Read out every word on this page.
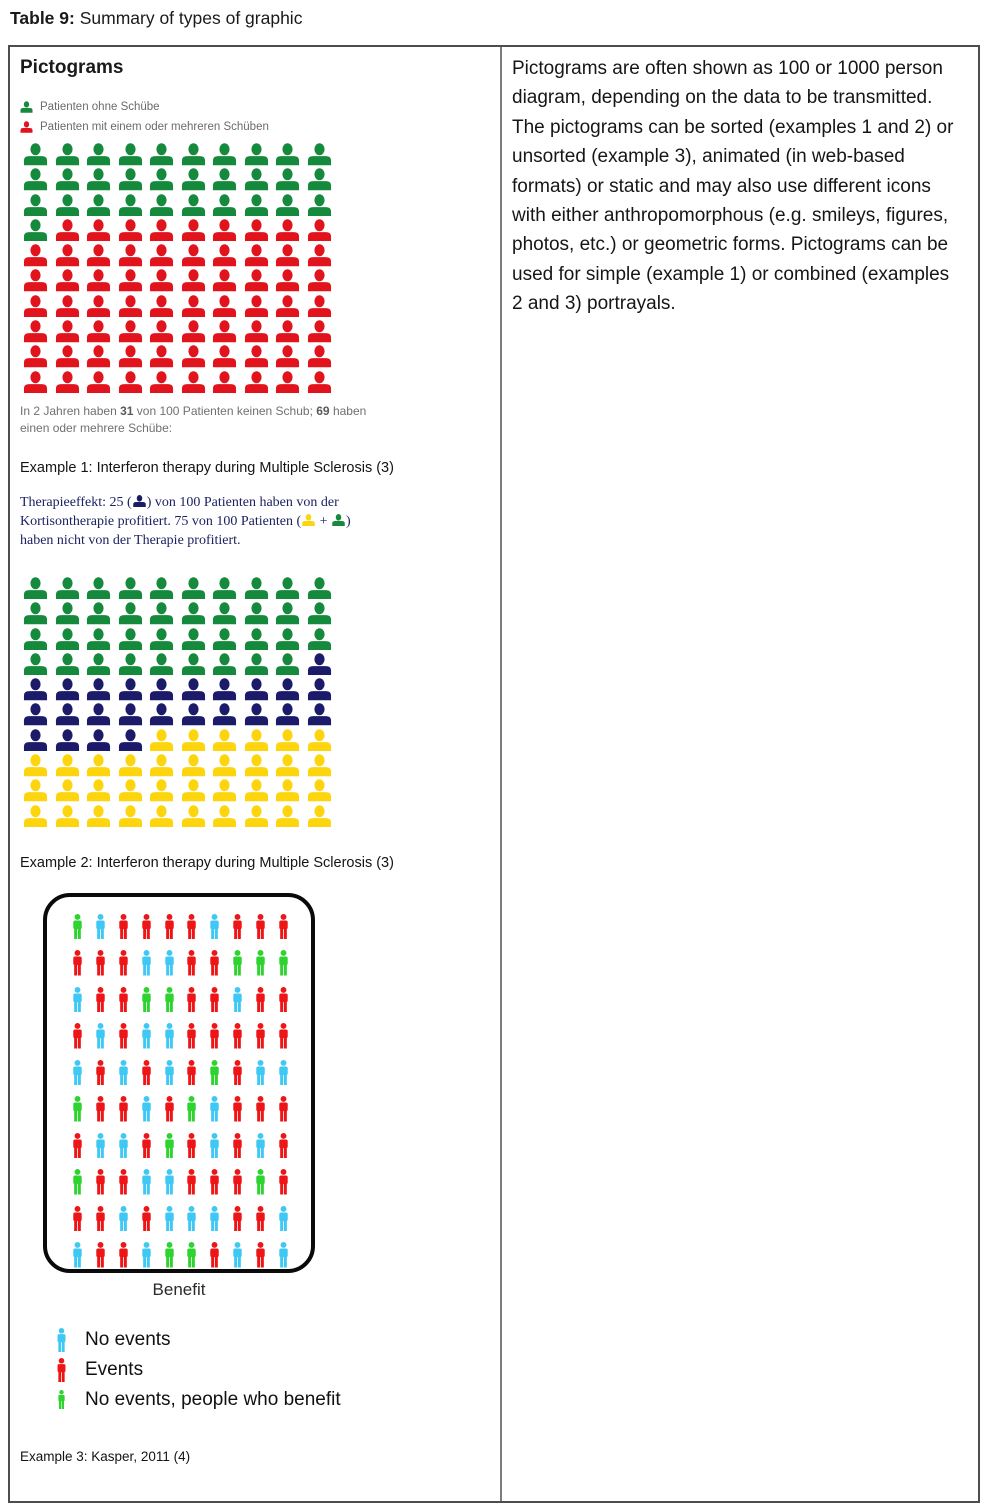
Table 9: Summary of types of graphic
Pictograms
Patienten ohne Schübe
Patienten mit einem oder mehreren Schüben
In 2 Jahren haben 31 von 100 Patienten keinen Schub; 69 haben
einen oder mehrere Schübe:
Example 1: Interferon therapy during Multiple Sclerosis (3)
Therapieeffekt: 25 ( ) von 100 Patienten haben von der Kortisontherapie profitiert. 75 von 100 Patienten ( + ) haben nicht von der Therapie profitiert.
Example 2: Interferon therapy during Multiple Sclerosis (3)
Benefit
No events
Events
No events, people who benefit
Example 3: Kasper, 2011 (4)
Pictograms are often shown as 100 or 1000 person diagram, depending on the data to be transmitted. The pictograms can be sorted (examples 1 and 2) or unsorted (example 3), animated (in web-based formats) or static and may also use different icons with either anthropomorphous (e.g. smileys, figures, photos, etc.) or geometric forms. Pictograms can be used for simple (example 1) or combined (examples 2 and 3) portrayals.
